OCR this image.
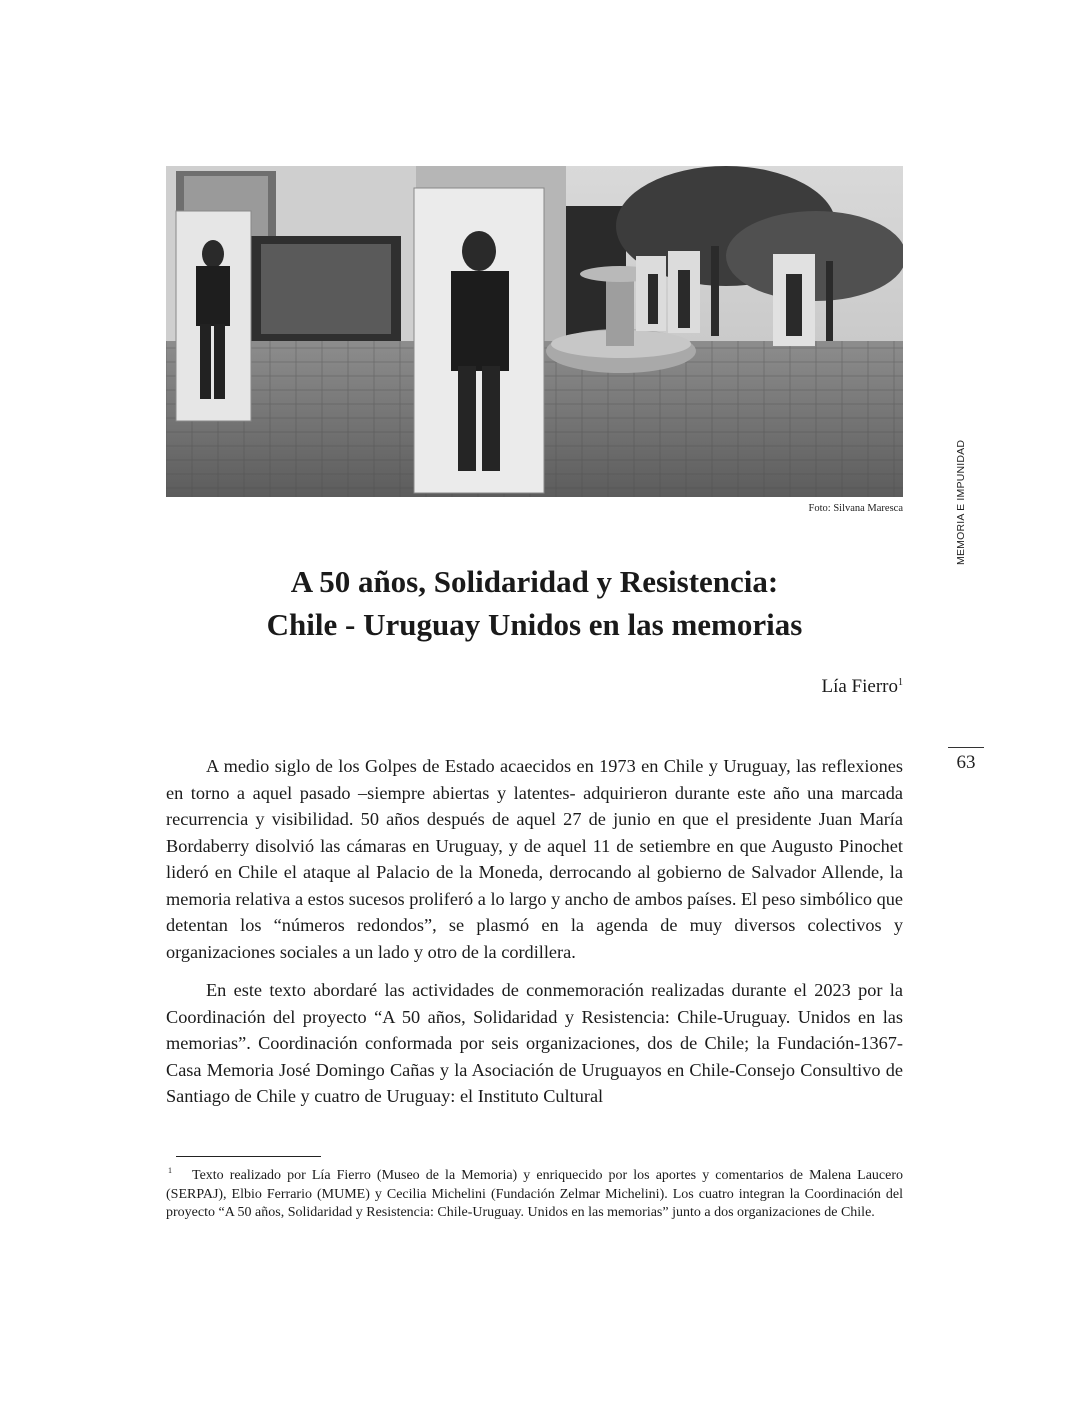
Foto: Silvana Maresca	MEMORIA E IMPUNIDAD
63
A 50 años, Solidaridad y Resistencia:
Chile - Uruguay Unidos en las memorias
Lía Fierro$^1$

A medio siglo de los Golpes de Estado acaecidos en 1973 en Chile y Uruguay, las reflexiones en torno a aquel pasado –siempre abiertas y latentes- adquirieron durante este año una marcada recurrencia y visibilidad. 50 años después de aquel 27 de junio en que el presidente Juan María Bordaberry disolvió las cámaras en Uruguay, y de aquel 11 de setiembre en que Augusto Pinochet lideró en Chile el ataque al Palacio de la Moneda, derrocando al gobierno de Salvador Allende, la memoria relativa a estos sucesos proliferó a lo largo y ancho de ambos países. El peso simbólico que detentan los “números redondos”, se plasmó en la agenda de muy diversos colectivos y organizaciones sociales a un lado y otro de la cordillera.

En este texto abordaré las actividades de conmemoración realizadas durante el 2023 por la Coordinación del proyecto “A 50 años, Solidaridad y Resistencia: Chile-Uruguay. Unidos en las memorias”. Coordinación conformada por seis organizaciones, dos de Chile; la Fundación-1367-Casa Memoria José Domingo Cañas y la Asociación de Uruguayos en Chile-Consejo Consultivo de Santiago de Chile y cuatro de Uruguay: el Instituto Cultural

$^1$ Texto realizado por Lía Fierro (Museo de la Memoria) y enriquecido por los aportes y comentarios de Malena Laucero (SERPAJ), Elbio Ferrario (MUME) y Cecilia Michelini (Fundación Zelmar Michelini). Los cuatro integran la Coordinación del proyecto “A 50 años, Solidaridad y Resistencia: Chile-Uruguay. Unidos en las memorias” junto a dos organizaciones de Chile.
